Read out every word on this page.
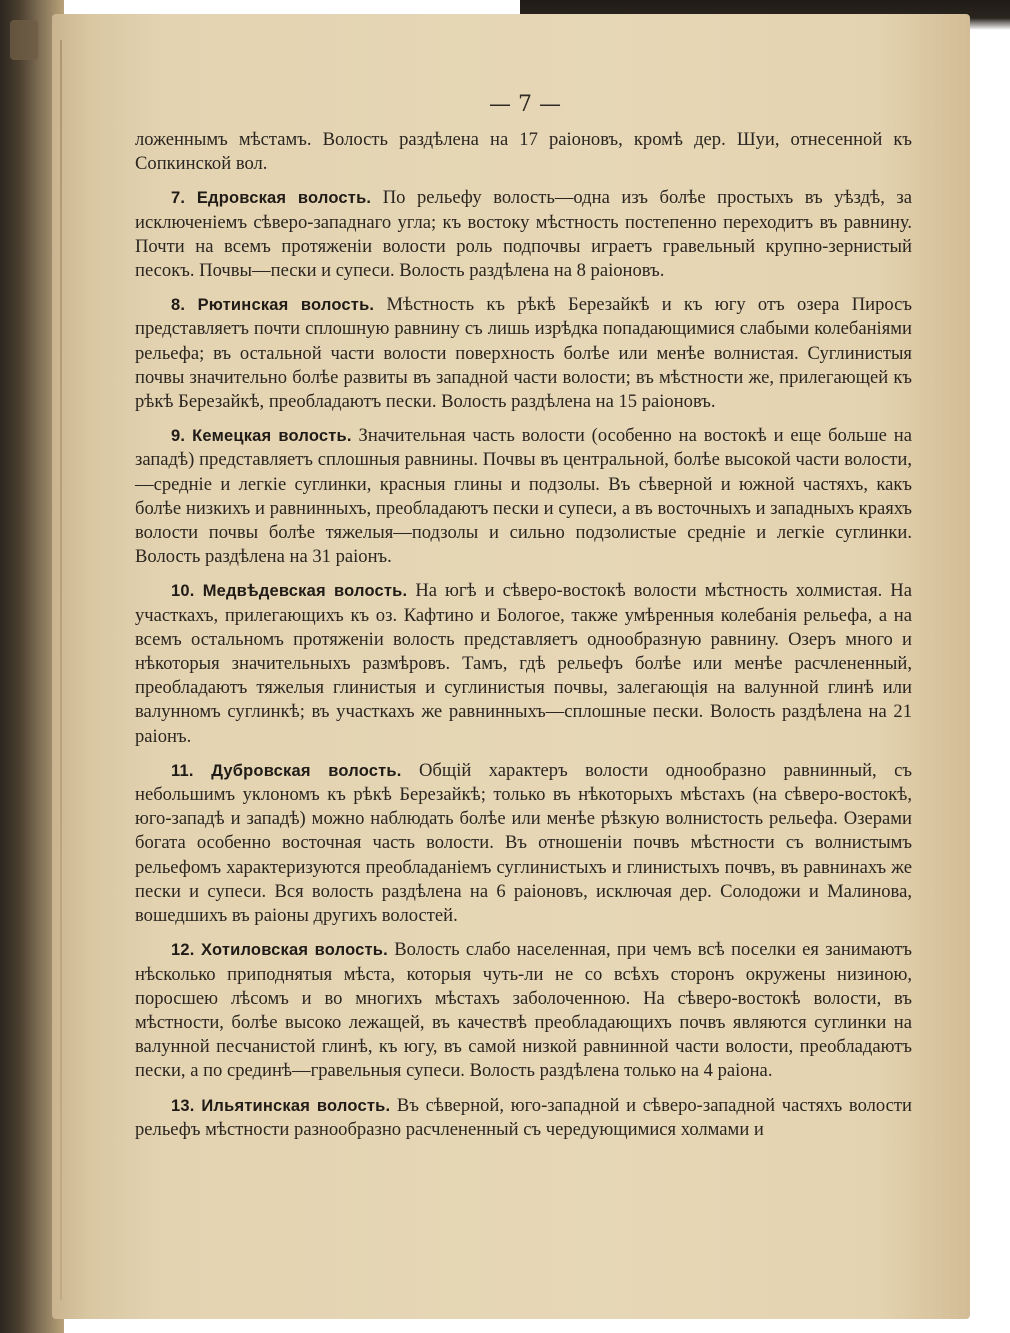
— 7 —

ложеннымъ мѣстамъ. Волость раздѣлена на 17 раіоновъ, кромѣ дер. Шуи, отнесенной къ Сопкинской вол.

7. Едровская волость. По рельефу волость—одна изъ болѣе простыхъ въ уѣздѣ, за исключеніемъ сѣверо-западнаго угла; къ востоку мѣстность постепенно переходитъ въ равнину. Почти на всемъ протяженіи волости роль подпочвы играетъ гравельный крупно-зернистый песокъ. Почвы—пески и супеси. Волость раздѣлена на 8 раіоновъ.

8. Рютинская волость. Мѣстность къ рѣкѣ Березайкѣ и къ югу отъ озера Пиросъ представляетъ почти сплошную равнину съ лишь изрѣдка попадающимися слабыми колебаніями рельефа; въ остальной части волости поверхность болѣе или менѣе волнистая. Суглинистыя почвы значительно болѣе развиты въ западной части волости; въ мѣстности же, прилегающей къ рѣкѣ Березайкѣ, преобладаютъ пески. Волость раздѣлена на 15 раіоновъ.

9. Кемецкая волость. Значительная часть волости (особенно на востокѣ и еще больше на западѣ) представляетъ сплошныя равнины. Почвы въ центральной, болѣе высокой части волости,—средніе и легкіе суглинки, красныя глины и подзолы. Въ сѣверной и южной частяхъ, какъ болѣе низкихъ и равнинныхъ, преобладаютъ пески и супеси, а въ восточныхъ и западныхъ краяхъ волости почвы болѣе тяжелыя—подзолы и сильно подзолистые средніе и легкіе суглинки. Волость раздѣлена на 31 раіонъ.

10. Медвѣдевская волость. На югѣ и сѣверо-востокѣ волости мѣстность холмистая. На участкахъ, прилегающихъ къ оз. Кафтино и Бологое, также умѣренныя колебанія рельефа, а на всемъ остальномъ протяженіи волость представляетъ однообразную равнину. Озеръ много и нѣкоторыя значительныхъ размѣровъ. Тамъ, гдѣ рельефъ болѣе или менѣе расчлененный, преобладаютъ тяжелыя глинистыя и суглинистыя почвы, залегающія на валунной глинѣ или валунномъ суглинкѣ; въ участкахъ же равнинныхъ—сплошные пески. Волость раздѣлена на 21 раіонъ.

11. Дубровская волость. Общій характеръ волости однообразно равнинный, съ небольшимъ уклономъ къ рѣкѣ Березайкѣ; только въ нѣкоторыхъ мѣстахъ (на сѣверо-востокѣ, юго-западѣ и западѣ) можно наблюдать болѣе или менѣе рѣзкую волнистость рельефа. Озерами богата особенно восточная часть волости. Въ отношеніи почвъ мѣстности съ волнистымъ рельефомъ характеризуются преобладаніемъ суглинистыхъ и глинистыхъ почвъ, въ равнинахъ же пески и супеси. Вся волость раздѣлена на 6 раіоновъ, исключая дер. Солодожи и Малинова, вошедшихъ въ раіоны другихъ волостей.

12. Хотиловская волость. Волость слабо населенная, при чемъ всѣ поселки ея занимаютъ нѣсколько приподнятыя мѣста, которыя чуть-ли не со всѣхъ сторонъ окружены низиною, поросшею лѣсомъ и во многихъ мѣстахъ заболоченною. На сѣверо-востокѣ волости, въ мѣстности, болѣе высоко лежащей, въ качествѣ преобладающихъ почвъ являются суглинки на валунной песчанистой глинѣ, къ югу, въ самой низкой равнинной части волости, преобладаютъ пески, а по срединѣ—гравельныя супеси. Волость раздѣлена только на 4 раіона.

13. Ильятинская волость. Въ сѣверной, юго-западной и сѣверо-западной частяхъ волости рельефъ мѣстности разнообразно расчлененный съ чередующимися холмами и
